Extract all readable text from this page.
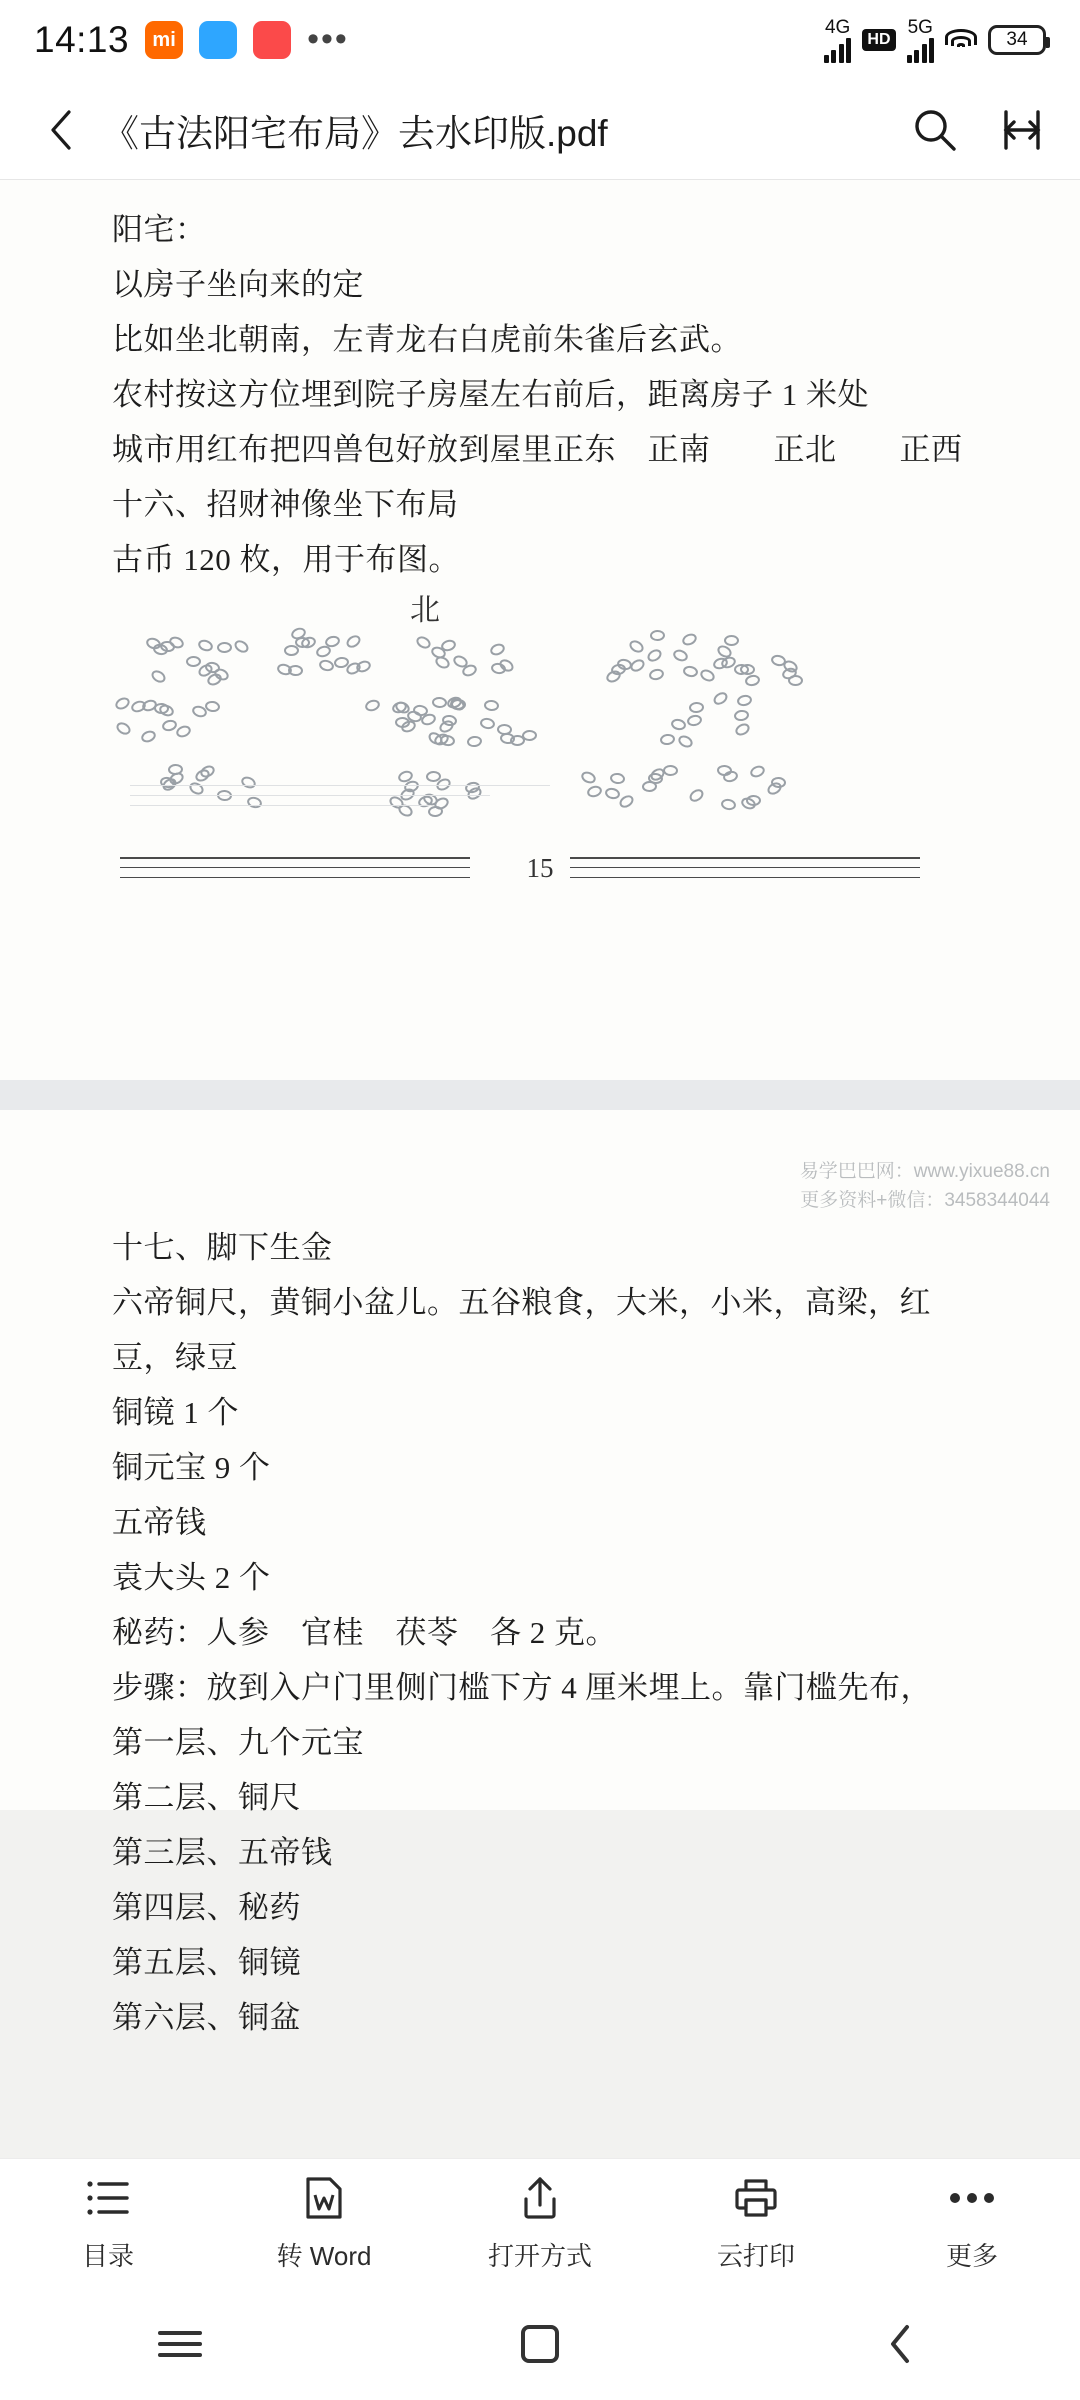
14:13	mi	•••	4G
HD
5G
34
《古法阳宅布局》去水印版.pdf

阳宅：

以房子坐向来的定

比如坐北朝南，左青龙右白虎前朱雀后玄武。

农村按这方位埋到院子房屋左右前后，距离房子 1 米处

城市用红布把四兽包好放到屋里正东　正南　　正北　　正西

十六、招财神像坐下布局

古币 120 枚，用于布图。

北
15
易学巴巴网：www.yixue88.cn
更多资料+微信：3458344044

十七、脚下生金

六帝铜尺，黄铜小盆儿。五谷粮食，大米，小米，高梁，红

豆，绿豆

铜镜 1 个

铜元宝 9 个

五帝钱

袁大头 2 个

秘药：人参　官桂　茯苓　各 2 克。

步骤：放到入户门里侧门槛下方 4 厘米埋上。靠门槛先布，

第一层、九个元宝

第二层、铜尺

第三层、五帝钱

第四层、秘药

第五层、铜镜

第六层、铜盆

目录	转 Word	打开方式	云打印	更多
